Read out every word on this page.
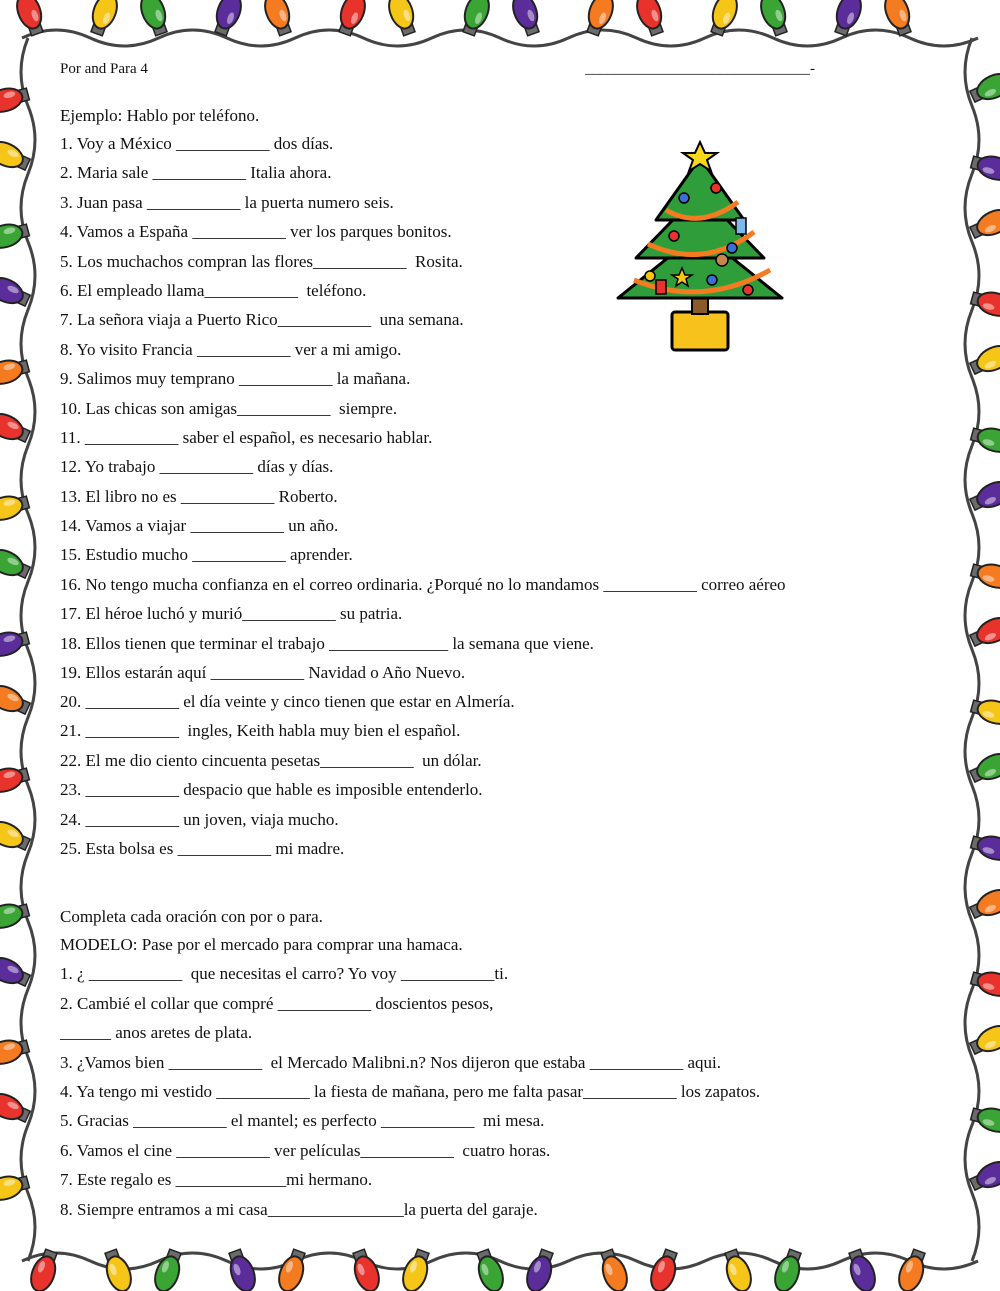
Por and Para 4	______________________________-
Ejemplo: Hablo por teléfono.
1. Voy a México ___________ dos días.
2. Maria sale ___________ Italia ahora.
3. Juan pasa ___________ la puerta numero seis.
4. Vamos a España ___________ ver los parques bonitos.
5. Los muchachos compran las flores___________  Rosita.
6. El empleado llama___________  teléfono.
7. La señora viaja a Puerto Rico___________  una semana.
8. Yo visito Francia ___________ ver a mi amigo.
9. Salimos muy temprano ___________ la mañana.
10. Las chicas son amigas___________  siempre.
11. ___________ saber el español, es necesario hablar.
12. Yo trabajo ___________ días y días.
13. El libro no es ___________ Roberto.
14. Vamos a viajar ___________ un año.
15. Estudio mucho ___________ aprender.
16. No tengo mucha confianza en el correo ordinaria. ¿Porqué no lo mandamos ___________ correo aéreo
17. El héroe luchó y murió___________ su patria.
18. Ellos tienen que terminar el trabajo ______________ la semana que viene.
19. Ellos estarán aquí ___________ Navidad o Año Nuevo.
20. ___________ el día veinte y cinco tienen que estar en Almería.
21. ___________  ingles, Keith habla muy bien el español.
22. El me dio ciento cincuenta pesetas___________  un dólar.
23. ___________ despacio que hable es imposible entenderlo.
24. ___________ un joven, viaja mucho.
25. Esta bolsa es ___________ mi madre.
Completa cada oración con por o para.
MODELO: Pase por el mercado para comprar una hamaca.
1. ¿ ___________  que necesitas el carro? Yo voy ___________ti.
2. Cambié el collar que compré ___________ doscientos pesos,
______ anos aretes de plata.
3. ¿Vamos bien ___________  el Mercado Malibni.n? Nos dijeron que estaba ___________ aqui.
4. Ya tengo mi vestido ___________ la fiesta de mañana, pero me falta pasar___________ los zapatos.
5. Gracias ___________ el mantel; es perfecto ___________  mi mesa.
6. Vamos el cine ___________ ver películas___________  cuatro horas.
7. Este regalo es _____________mi hermano.
8. Siempre entramos a mi casa________________la puerta del garaje.
